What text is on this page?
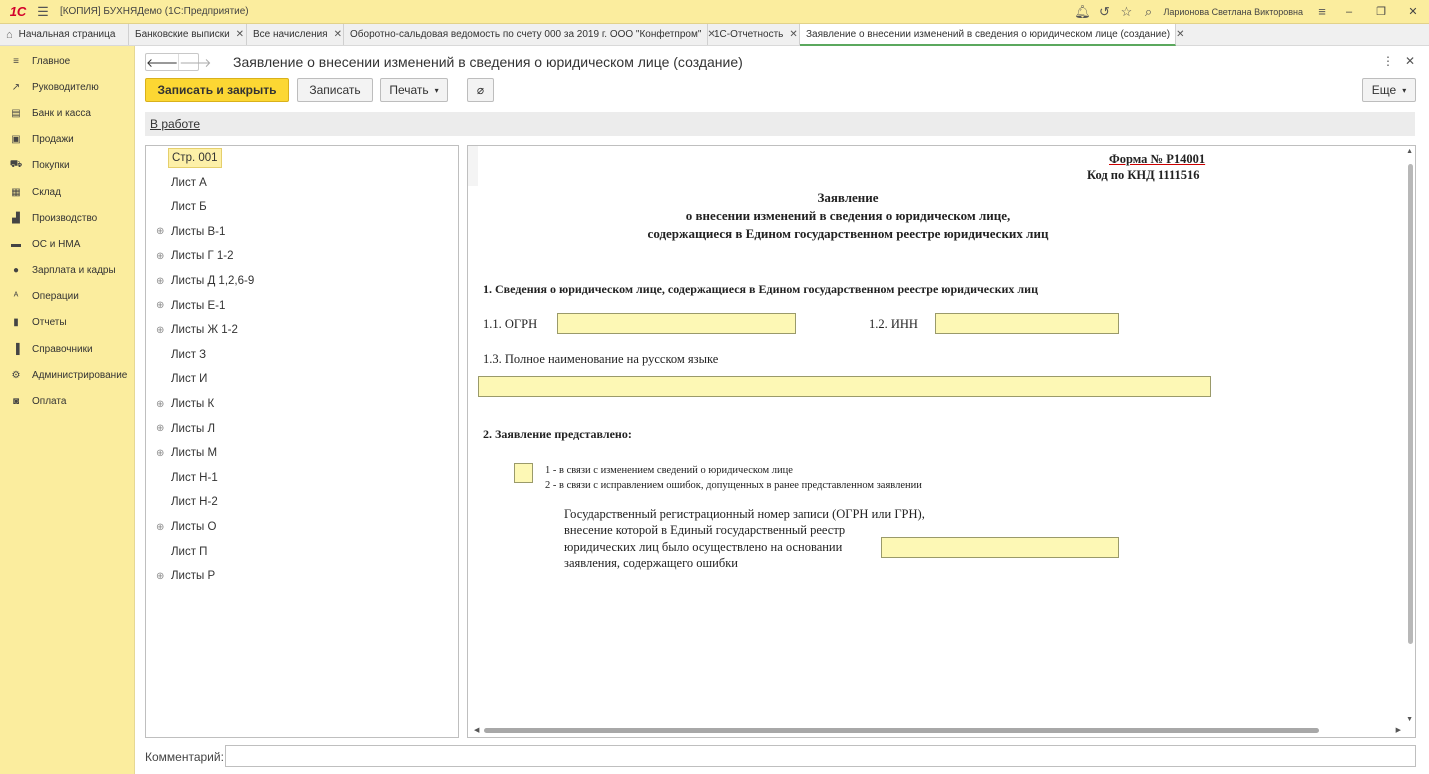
1С ☰	[КОПИЯ] БУХНЯДемо (1С:Предприятие)	🔔︎ ↺ ☆ ⌕	Ларионова Светлана Викторовна	≡	–	❐	✕
⌂ Начальная страница Банковские выписки ✕ Все начисления ✕ Оборотно-сальдовая ведомость по счету 000 за 2019 г. ООО "Конфетпром" ✕
1С-Отчетность ✕ Заявление о внесении изменений в сведения о юридическом лице (создание) ✕
≡	Главное
↗	Руководителю
▤	Банк и касса
▣	Продажи
⛟ Покупки
▦	Склад
▟	Производство
▬	ОС и НМА
●	Зарплата и кадры
ᴬ	Операции
▮	Отчеты
▐	Справочники
⚙	Администрирование
◙	Оплата
🡐 🡒 Заявление о внесении изменений в сведения о юридическом лице (создание)	⋮ ✕
Записать и закрыть	Записать	Печать ▾	⌀	Еще ▾
В работе
Стр. 001
Лист А
Лист Б
⊕ Листы В-1
⊕ Листы Г 1-2
⊕ Листы Д 1,2,6-9
⊕ Листы Е-1
⊕ Листы Ж 1-2
Лист З
Лист И
⊕ Листы К
⊕ Листы Л
⊕ Листы М
Лист Н-1
Лист Н-2
⊕ Листы О
Лист П
⊕ Листы Р
Форма № Р14001
Код по КНД 1111516
Заявление
о внесении изменений в сведения о юридическом лице,
содержащиеся в Едином государственном реестре юридических лиц
1. Сведения о юридическом лице, содержащиеся в Едином государственном реестре юридических лиц
1.1. ОГРН	1.2. ИНН
1.3. Полное наименование на русском языке
2. Заявление представлено:
1 - в связи с изменением сведений о юридическом лице
2 - в связи с исправлением ошибок, допущенных в ранее представленном заявлении
Государственный регистрационный номер записи (ОГРН или ГРН),
внесение которой в Единый государственный реестр
юридических лиц было осуществлено на основании
заявления, содержащего ошибки
▲
▼
◀	▶
Комментарий:
